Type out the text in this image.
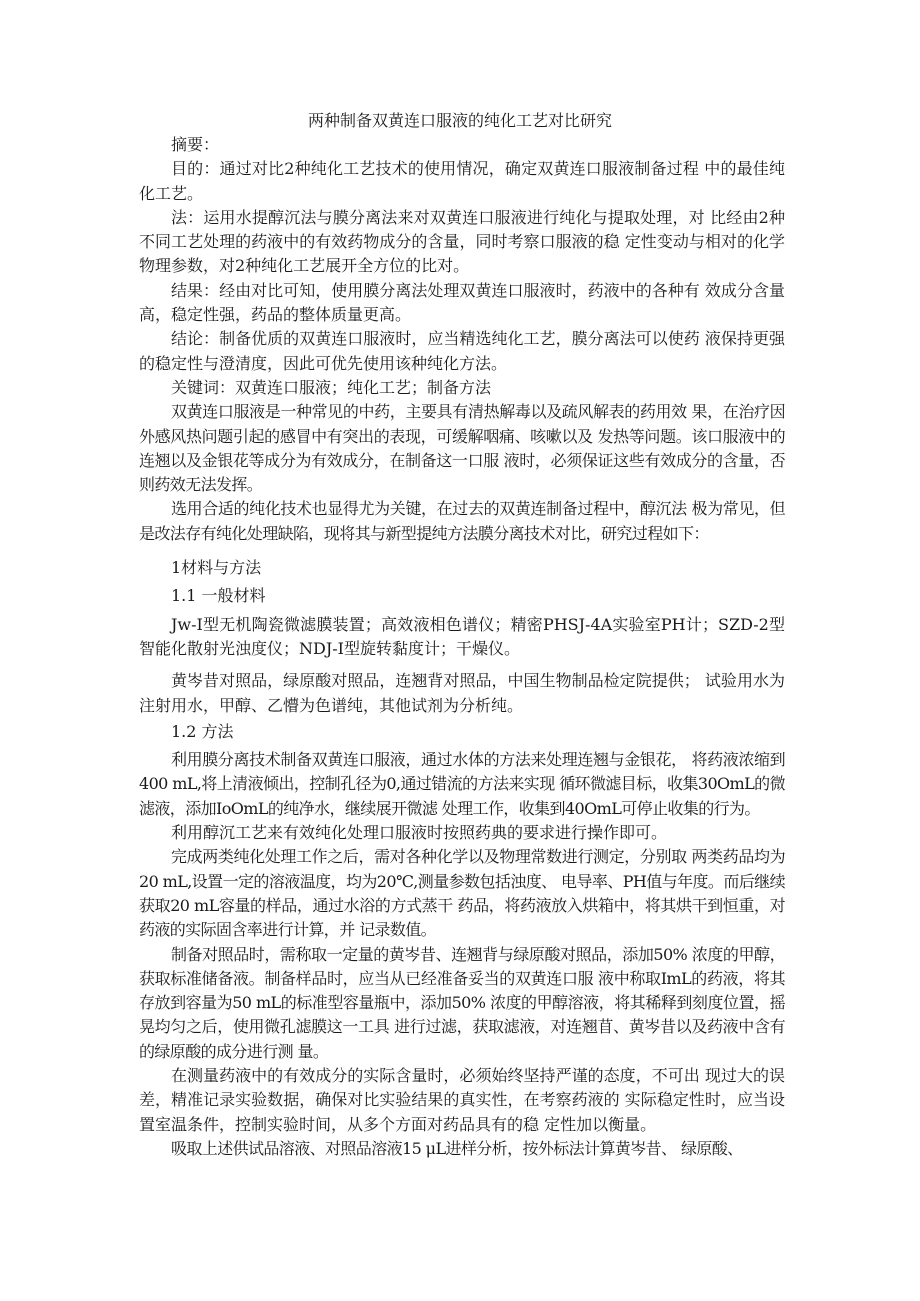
两种制备双黄连口服液的纯化工艺对比研究

摘要：

目的：通过对比2种纯化工艺技术的使用情况，确定双黄连口服液制备过程 中的最佳纯化工艺。

法：运用水提醇沉法与膜分离法来对双黄连口服液进行纯化与提取处理，对 比经由2种不同工艺处理的药液中的有效药物成分的含量，同时考察口服液的稳 定性变动与相对的化学物理参数，对2种纯化工艺展开全方位的比对。

结果：经由对比可知，使用膜分离法处理双黄连口服液时，药液中的各种有 效成分含量高，稳定性强，药品的整体质量更高。

结论：制备优质的双黄连口服液时，应当精选纯化工艺，膜分离法可以使药 液保持更强的稳定性与澄清度，因此可优先使用该种纯化方法。

关键词：双黄连口服液；纯化工艺；制备方法

双黄连口服液是一种常见的中药，主要具有清热解毒以及疏风解表的药用效 果，在治疗因外感风热问题引起的感冒中有突出的表现，可缓解咽痛、咳嗽以及 发热等问题。该口服液中的连翘以及金银花等成分为有效成分，在制备这一口服 液时，必须保证这些有效成分的含量，否则药效无法发挥。

选用合适的纯化技术也显得尤为关键，在过去的双黄连制备过程中，醇沉法 极为常见，但是改法存有纯化处理缺陷，现将其与新型提纯方法膜分离技术对比，研究过程如下：

1材料与方法

1.1 一般材料

Jw-I型无机陶瓷微滤膜装置；高效液相色谱仪；精密PHSJ-4A实验室PH计；SZD-2型智能化散射光浊度仪；NDJ-I型旋转黏度计；干燥仪。

黄岑昔对照品，绿原酸对照品，连翘背对照品，中国生物制品检定院提供； 试验用水为注射用水，甲醇、乙懵为色谱纯，其他试剂为分析纯。

1.2 方法

利用膜分离技术制备双黄连口服液，通过水体的方法来处理连翘与金银花， 将药液浓缩到400 mL,将上清液倾出，控制孔径为0,通过错流的方法来实现 循环微滤目标，收集30OmL的微滤液，添加IoOmL的纯净水，继续展开微滤 处理工作，收集到40OmL可停止收集的行为。

利用醇沉工艺来有效纯化处理口服液时按照药典的要求进行操作即可。

完成两类纯化处理工作之后，需对各种化学以及物理常数进行测定，分别取 两类药品均为20 mL,设置一定的溶液温度，均为20℃,测量参数包括浊度、 电导率、PH值与年度。而后继续获取20 mL容量的样品，通过水浴的方式蒸干 药品，将药液放入烘箱中，将其烘干到恒重，对药液的实际固含率进行计算，并 记录数值。

制备对照品时，需称取一定量的黄岑昔、连翘背与绿原酸对照品，添加50% 浓度的甲醇，获取标准储备液。制备样品时，应当从已经准备妥当的双黄连口服 液中称取ImL的药液，将其存放到容量为50 mL的标准型容量瓶中，添加50% 浓度的甲醇溶液，将其稀释到刻度位置，摇晃均匀之后，使用微孔滤膜这一工具 进行过滤，获取滤液，对连翘苜、黄岑昔以及药液中含有的绿原酸的成分进行测 量。

在测量药液中的有效成分的实际含量时，必须始终坚持严谨的态度，不可出 现过大的误差，精准记录实验数据，确保对比实验结果的真实性，在考察药液的 实际稳定性时，应当设置室温条件，控制实验时间，从多个方面对药品具有的稳 定性加以衡量。

吸取上述供试品溶液、对照品溶液15 μL进样分析，按外标法计算黄岑昔、 绿原酸、
